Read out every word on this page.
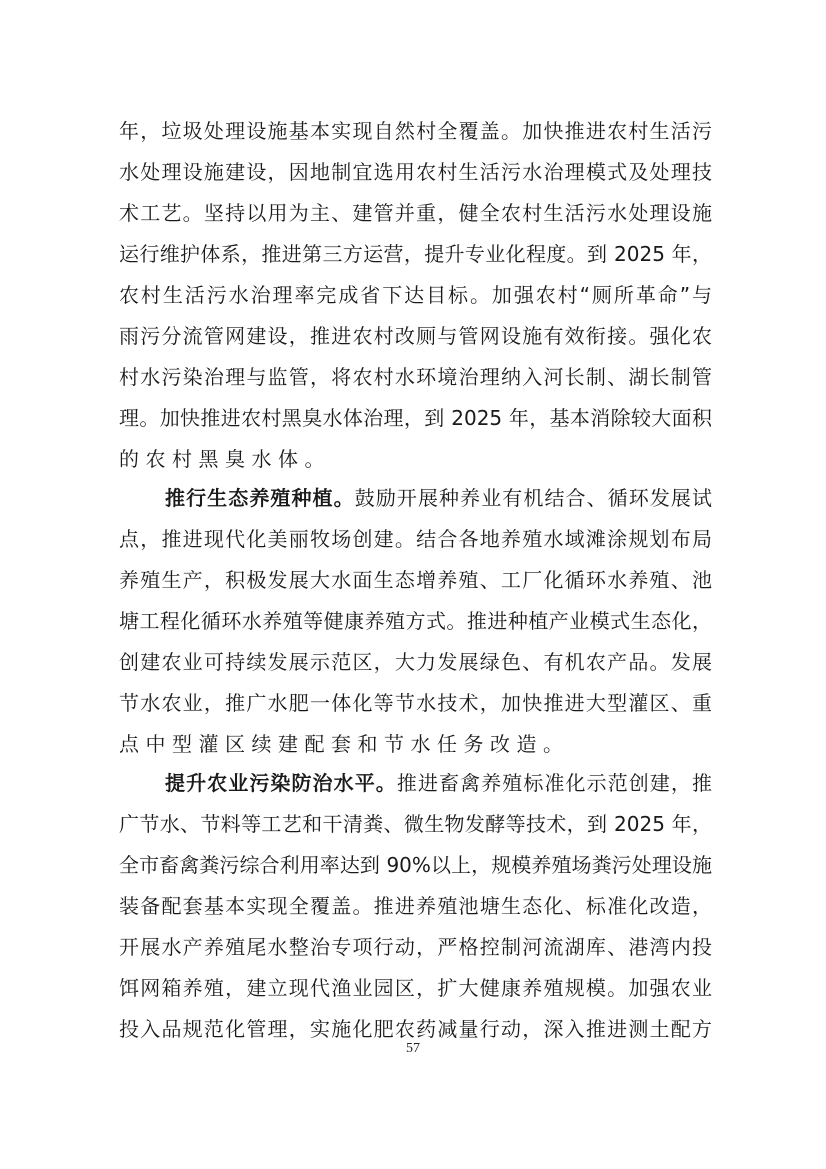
年，垃圾处理设施基本实现自然村全覆盖。加快推进农村生活污
水处理设施建设，因地制宜选用农村生活污水治理模式及处理技
术工艺。坚持以用为主、建管并重，健全农村生活污水处理设施
运行维护体系，推进第三方运营，提升专业化程度。到 2025 年，
农村生活污水治理率完成省下达目标。加强农村“厕所革命”与
雨污分流管网建设，推进农村改厕与管网设施有效衔接。强化农
村水污染治理与监管，将农村水环境治理纳入河长制、湖长制管
理。加快推进农村黑臭水体治理，到 2025 年，基本消除较大面积
的农村黑臭水体。
推行生态养殖种植。鼓励开展种养业有机结合、循环发展试
点，推进现代化美丽牧场创建。结合各地养殖水域滩涂规划布局
养殖生产，积极发展大水面生态增养殖、工厂化循环水养殖、池
塘工程化循环水养殖等健康养殖方式。推进种植产业模式生态化，
创建农业可持续发展示范区，大力发展绿色、有机农产品。发展
节水农业，推广水肥一体化等节水技术，加快推进大型灌区、重
点中型灌区续建配套和节水任务改造。
提升农业污染防治水平。推进畜禽养殖标准化示范创建，推
广节水、节料等工艺和干清粪、微生物发酵等技术，到 2025 年，
全市畜禽粪污综合利用率达到 90%以上，规模养殖场粪污处理设施
装备配套基本实现全覆盖。推进养殖池塘生态化、标准化改造，
开展水产养殖尾水整治专项行动，严格控制河流湖库、港湾内投
饵网箱养殖，建立现代渔业园区，扩大健康养殖规模。加强农业
投入品规范化管理，实施化肥农药减量行动，深入推进测土配方
57
